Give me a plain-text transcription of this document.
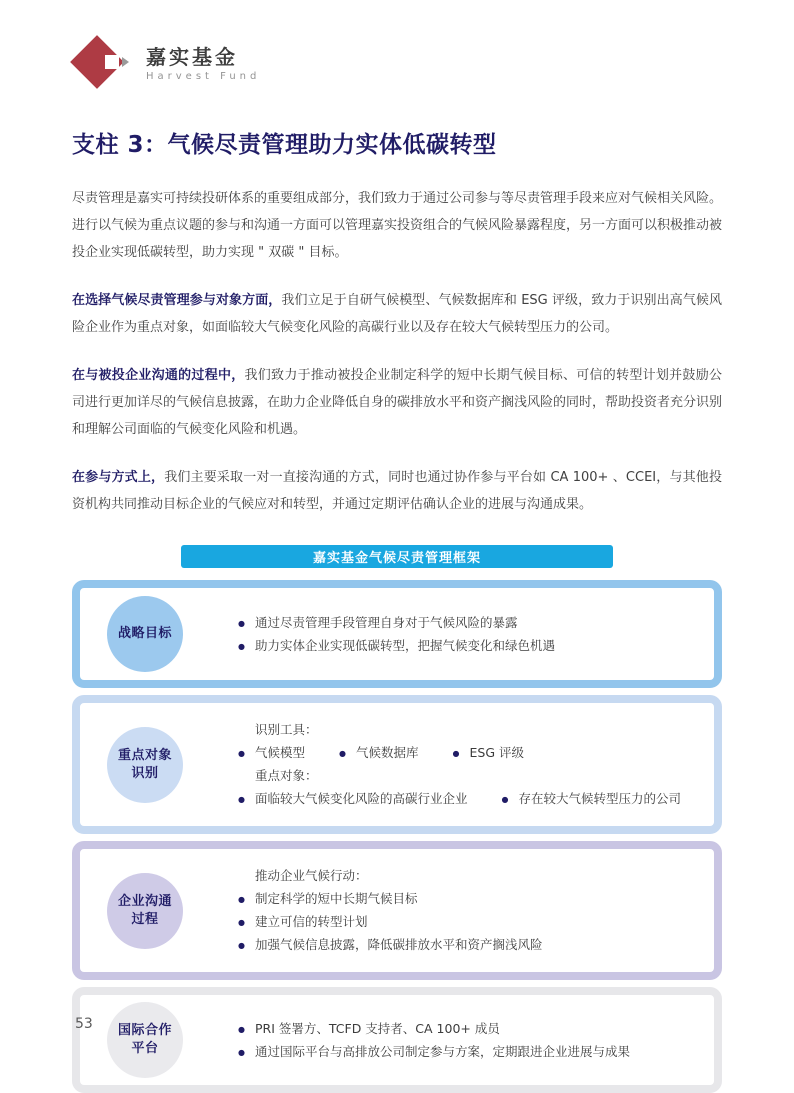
嘉实基金
Harvest Fund
支柱 3：气候尽责管理助力实体低碳转型

尽责管理是嘉实可持续投研体系的重要组成部分，我们致力于通过公司参与等尽责管理手段来应对气候相关风险。进行以气候为重点议题的参与和沟通一方面可以管理嘉实投资组合的气候风险暴露程度，另一方面可以积极推动被投企业实现低碳转型，助力实现 " 双碳 " 目标。

在选择气候尽责管理参与对象方面，我们立足于自研气候模型、气候数据库和 ESG 评级，致力于识别出高气候风险企业作为重点对象，如面临较大气候变化风险的高碳行业以及存在较大气候转型压力的公司。

在与被投企业沟通的过程中，我们致力于推动被投企业制定科学的短中长期气候目标、可信的转型计划并鼓励公司进行更加详尽的气候信息披露，在助力企业降低自身的碳排放水平和资产搁浅风险的同时，帮助投资者充分识别和理解公司面临的气候变化风险和机遇。

在参与方式上，我们主要采取一对一直接沟通的方式，同时也通过协作参与平台如 CA 100+ 、CCEI，与其他投资机构共同推动目标企业的气候应对和转型，并通过定期评估确认企业的进展与沟通成果。

嘉实基金气候尽责管理框架
战略目标
● 通过尽责管理手段管理自身对于气候风险的暴露
● 助力实体企业实现低碳转型，把握气候变化和绿色机遇
重点对象
识别
识别工具：
● 气候模型	● 气候数据库	● ESG 评级
重点对象：
● 面临较大气候变化风险的高碳行业企业	● 存在较大气候转型压力的公司
企业沟通
过程
推动企业气候行动：
● 制定科学的短中长期气候目标
● 建立可信的转型计划
● 加强气候信息披露，降低碳排放水平和资产搁浅风险
国际合作
平台
● PRI 签署方、TCFD 支持者、CA 100+ 成员
● 通过国际平台与高排放公司制定参与方案，定期跟进企业进展与成果
53
